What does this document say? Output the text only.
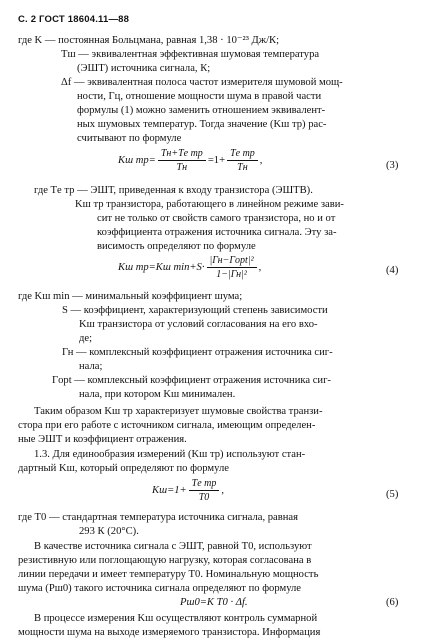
С. 2 ГОСТ 18604.11—88
где K — постоянная Больцмана, равная 1,38 · 10⁻²³ Дж/К;
Tш — эквивалентная эффективная шумовая температура
(ЭШТ) источника сигнала, К;
Δf — эквивалентная полоса частот измерителя шумовой мощ-
ности, Гц, отношение мощности шума в правой части
формулы (1) можно заменить отношением эквивалент-
ных шумовых температур. Тогда значение (Kш тр) рас-
считывают по формуле
Kш $тр= \frac{\text{Tн+Tе тр}}{Tн} =1+ \frac{\text{Tе тр}}{Tн}$ ,	(3)
где Tе тр — ЭШТ, приведенная к входу транзистора (ЭШТВ).
Kш тр транзистора, работающего в линейном режиме зави-
сит не только от свойств самого транзистора, но и от
коэффициента отражения источника сигнала. Эту за-
висимость определяют по формуле
Kш тр=Kш $\min+S\cdot \frac{\text{|Гн−Гopt|²}}{\text{1−|Гн|²}}$ ,	(4)
где Kш min — минимальный коэффициент шума;
S — коэффициент, характеризующий степень зависимости
Kш транзистора от условий согласования на его вхо-
де;
Гн — комплексный коэффициент отражения источника сиг-
нала;
Гopt — комплексный коэффициент отражения источника сиг-
нала, при котором Kш минимален.
Таким образом Kш тр характеризует шумовые свойства транзи-
стора при его работе с источником сигнала, имеющим определен-
ные ЭШТ и коэффициент отражения.
1.3. Для единообразия измерений (Kш тр) используют стан-
дартный Kш, который определяют по формуле
$Kш=1+ \frac{\text{Tе тр}}{T0}$ ,	(5)
где T0 — стандартная температура источника сигнала, равная
293 К (20°С).
В качестве источника сигнала с ЭШТ, равной T0, используют
резистивную или поглощающую нагрузку, которая согласована в
линии передачи и имеет температуру T0. Номинальную мощность
шума (Pш0) такого источника сигнала определяют по формуле
Pш0=K T0 · Δf.	(6)
В процессе измерения Kш осуществляют контроль суммарной
мощности шума на выходе измеряемого транзистора. Информация
